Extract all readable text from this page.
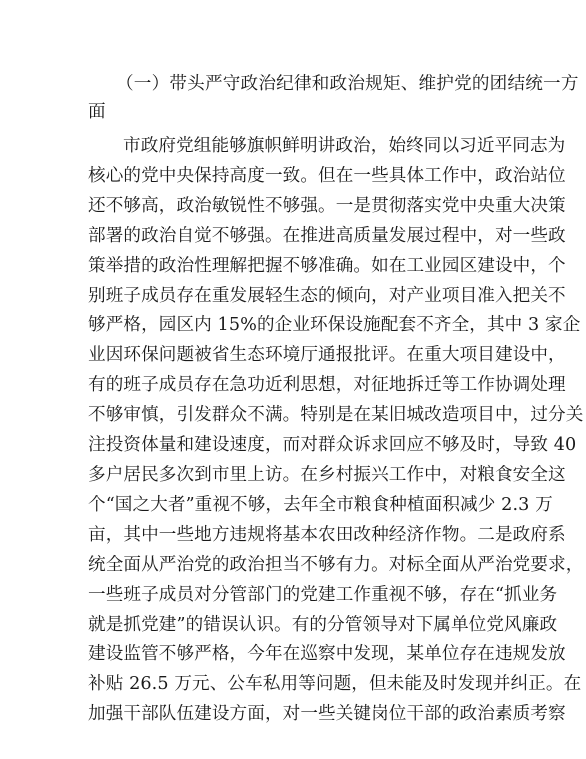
（一）带头严守政治纪律和政治规矩、维护党的团结统一方
面
市政府党组能够旗帜鲜明讲政治，始终同以习近平同志为
核心的党中央保持高度一致。但在一些具体工作中，政治站位
还不够高，政治敏锐性不够强。一是贯彻落实党中央重大决策
部署的政治自觉不够强。在推进高质量发展过程中，对一些政
策举措的政治性理解把握不够准确。如在工业园区建设中，个
别班子成员存在重发展轻生态的倾向，对产业项目准入把关不
够严格，园区内 15%的企业环保设施配套不齐全，其中 3 家企
业因环保问题被省生态环境厅通报批评。在重大项目建设中，
有的班子成员存在急功近利思想，对征地拆迁等工作协调处理
不够审慎，引发群众不满。特别是在某旧城改造项目中，过分关
注投资体量和建设速度，而对群众诉求回应不够及时，导致 40
多户居民多次到市里上访。在乡村振兴工作中，对粮食安全这
个“国之大者”重视不够，去年全市粮食种植面积减少 2.3 万
亩，其中一些地方违规将基本农田改种经济作物。二是政府系
统全面从严治党的政治担当不够有力。对标全面从严治党要求，
一些班子成员对分管部门的党建工作重视不够，存在“抓业务
就是抓党建”的错误认识。有的分管领导对下属单位党风廉政
建设监管不够严格，今年在巡察中发现，某单位存在违规发放
补贴 26.5 万元、公车私用等问题，但未能及时发现并纠正。在
加强干部队伍建设方面，对一些关键岗位干部的政治素质考察
